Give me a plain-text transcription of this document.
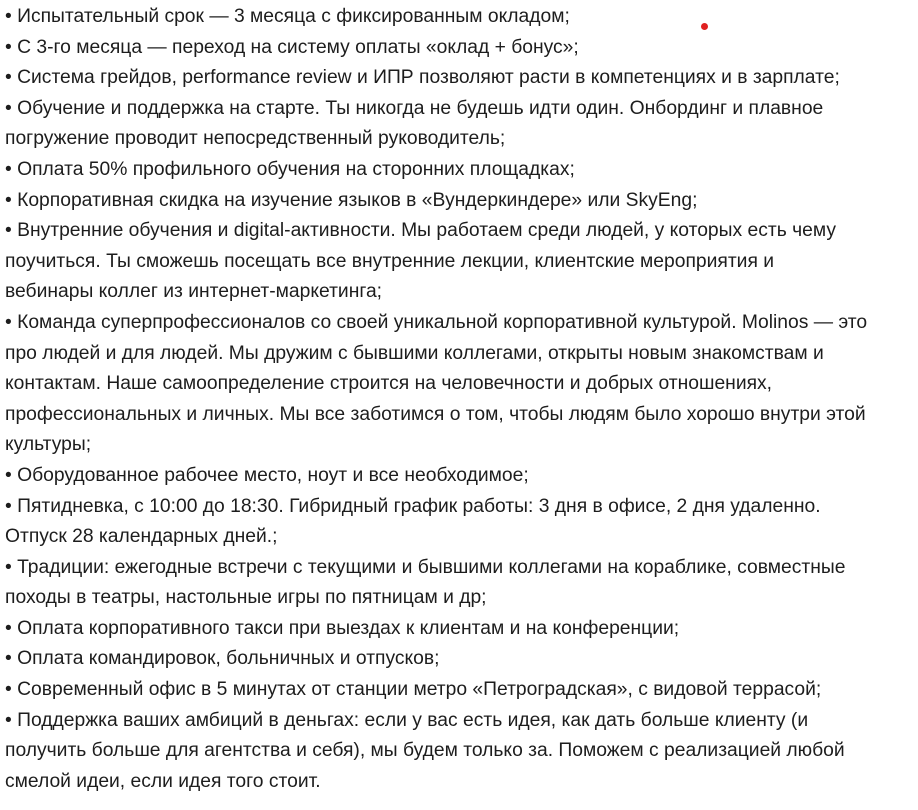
• Испытательный срок — 3 месяца с фиксированным окладом;
• С 3-го месяца — переход на систему оплаты «оклад + бонус»;
• Система грейдов, performance review и ИПР позволяют расти в компетенциях и в зарплате;
• Обучение и поддержка на старте. Ты никогда не будешь идти один. Онбординг и плавное
погружение проводит непосредственный руководитель;
• Оплата 50% профильного обучения на сторонних площадках;
• Корпоративная скидка на изучение языков в «Вундеркиндере» или SkyEng;
• Внутренние обучения и digital-активности. Мы работаем среди людей, у которых есть чему
поучиться. Ты сможешь посещать все внутренние лекции, клиентские мероприятия и
вебинары коллег из интернет-маркетинга;
• Команда суперпрофессионалов со своей уникальной корпоративной культурой. Molinos — это
про людей и для людей. Мы дружим с бывшими коллегами, открыты новым знакомствам и
контактам. Наше самоопределение строится на человечности и добрых отношениях,
профессиональных и личных. Мы все заботимся о том, чтобы людям было хорошо внутри этой
культуры;
• Оборудованное рабочее место, ноут и все необходимое;
• Пятидневка, с 10:00 до 18:30. Гибридный график работы: 3 дня в офисе, 2 дня удаленно.
Отпуск 28 календарных дней.;
• Традиции: ежегодные встречи с текущими и бывшими коллегами на кораблике, совместные
походы в театры, настольные игры по пятницам и др;
• Оплата корпоративного такси при выездах к клиентам и на конференции;
• Оплата командировок, больничных и отпусков;
• Современный офис в 5 минутах от станции метро «Петроградская», с видовой террасой;
• Поддержка ваших амбиций в деньгах: если у вас есть идея, как дать больше клиенту (и
получить больше для агентства и себя), мы будем только за. Поможем с реализацией любой
смелой идеи, если идея того стоит.
